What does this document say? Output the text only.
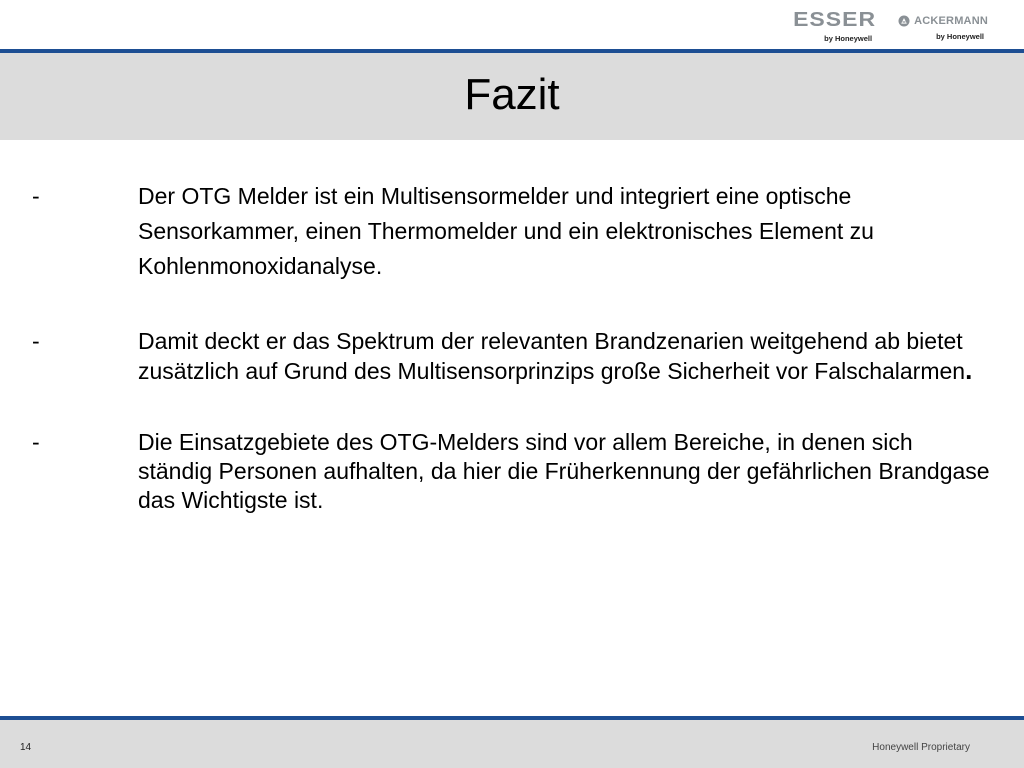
ESSER
by Honeywell
ACKERMANN
by Honeywell
Fazit
-	Der OTG Melder ist ein Multisensormelder und integriert eine optische Sensorkammer, einen Thermomelder und ein elektronisches Element zu Kohlenmonoxidanalyse.
-	Damit deckt er das Spektrum der relevanten Brandzenarien weitgehend ab bietet zusätzlich auf Grund des Multisensorprinzips große Sicherheit vor Falschalarmen.
-	Die Einsatzgebiete des OTG-Melders sind vor allem Bereiche, in denen sich ständig Personen aufhalten, da hier die Früherkennung der gefährlichen Brandgase das Wichtigste ist.
14	Honeywell Proprietary
